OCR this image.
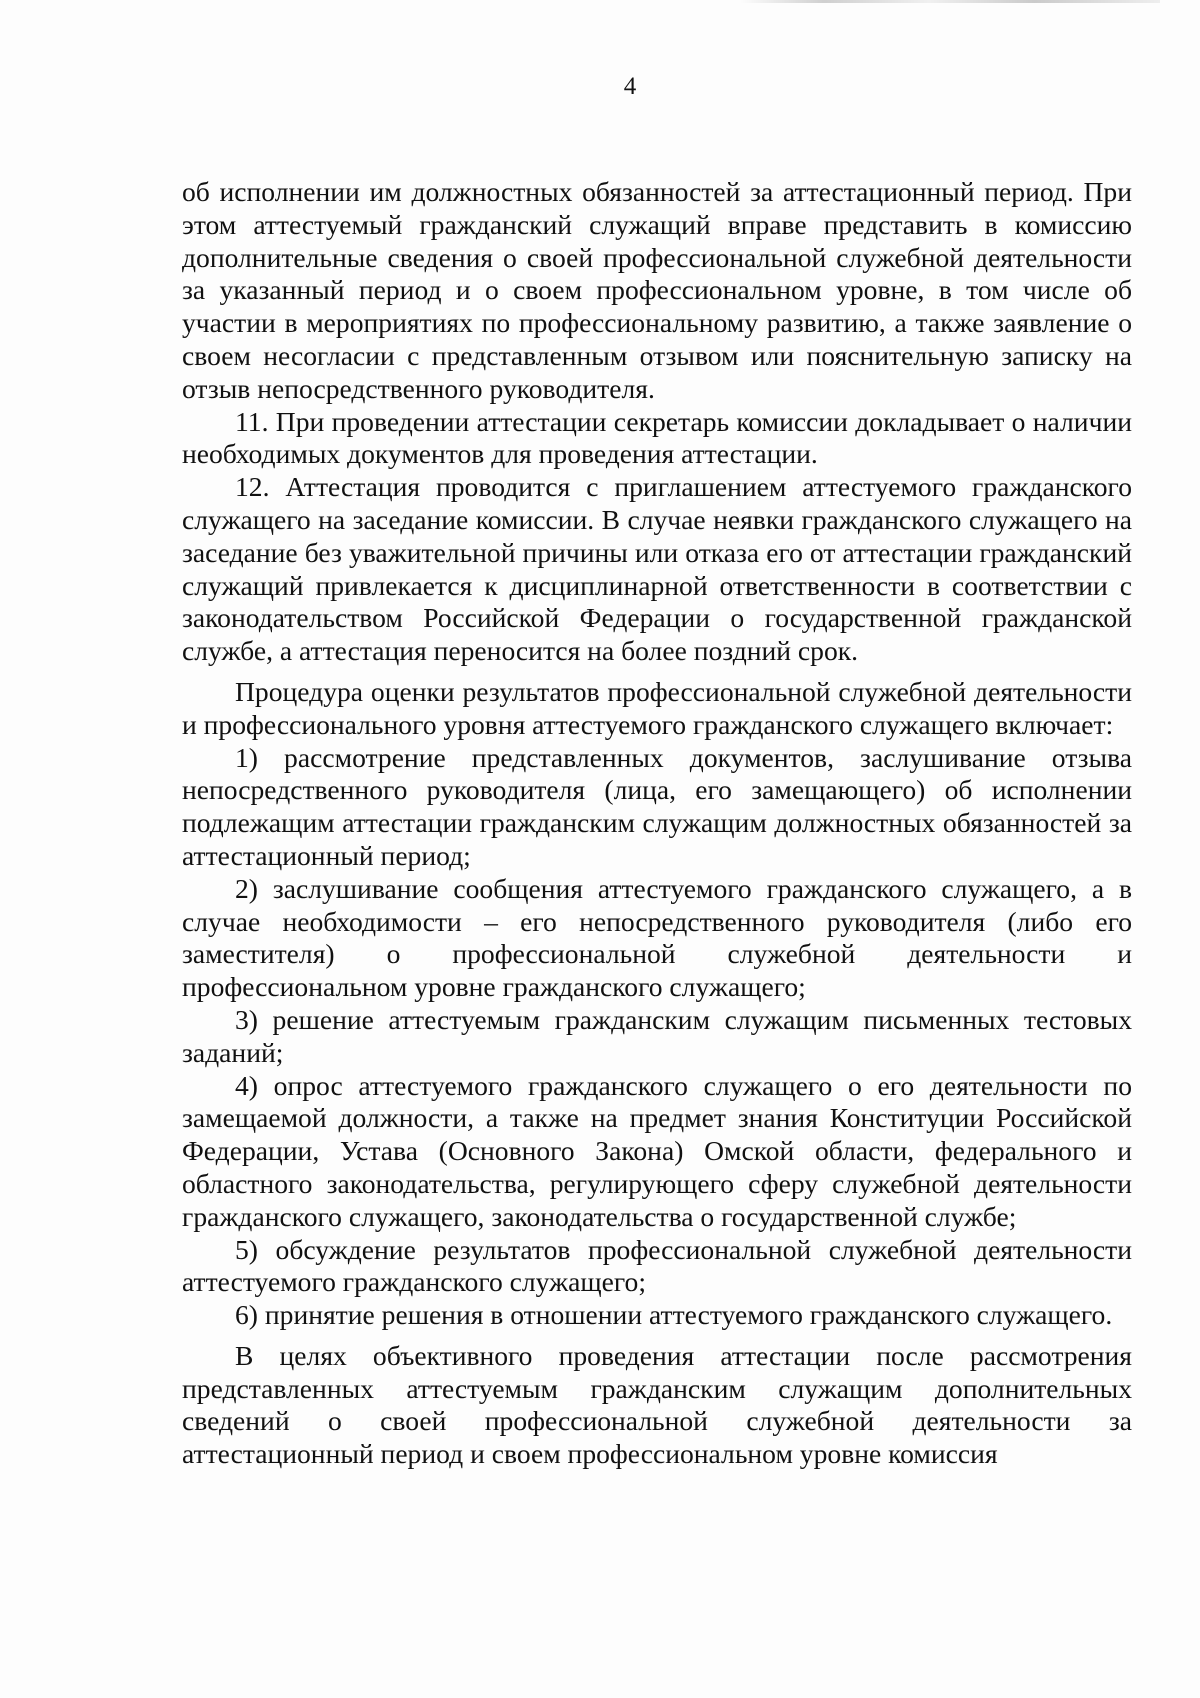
4

об исполнении им должностных обязанностей за аттестационный период. При этом аттестуемый гражданский служащий вправе представить в комиссию дополнительные сведения о своей профессиональной служебной деятельности за указанный период и о своем профессиональном уровне, в том числе об участии в мероприятиях по профессиональному развитию, а также заявление о своем несогласии с представленным отзывом или пояснительную записку на отзыв непосредственного руководителя.

11. При проведении аттестации секретарь комиссии докладывает о наличии необходимых документов для проведения аттестации.

12. Аттестация проводится с приглашением аттестуемого гражданского служащего на заседание комиссии. В случае неявки гражданского служащего на заседание без уважительной причины или отказа его от аттестации гражданский служащий привлекается к дисциплинарной ответственности в соответствии с законодательством Российской Федерации о государственной гражданской службе, а аттестация переносится на более поздний срок.

Процедура оценки результатов профессиональной служебной деятельности и профессионального уровня аттестуемого гражданского служащего включает:

1) рассмотрение представленных документов, заслушивание отзыва непосредственного руководителя (лица, его замещающего) об исполнении подлежащим аттестации гражданским служащим должностных обязанностей за аттестационный период;

2) заслушивание сообщения аттестуемого гражданского служащего, а в случае необходимости – его непосредственного руководителя (либо его заместителя) о профессиональной служебной деятельности и профессиональном уровне гражданского служащего;

3) решение аттестуемым гражданским служащим письменных тестовых заданий;

4) опрос аттестуемого гражданского служащего о его деятельности по замещаемой должности, а также на предмет знания Конституции Российской Федерации, Устава (Основного Закона) Омской области, федерального и областного законодательства, регулирующего сферу служебной деятельности гражданского служащего, законодательства о государственной службе;

5) обсуждение результатов профессиональной служебной деятельности аттестуемого гражданского служащего;

6) принятие решения в отношении аттестуемого гражданского служащего.

В целях объективного проведения аттестации после рассмотрения представленных аттестуемым гражданским служащим дополнительных сведений о своей профессиональной служебной деятельности за аттестационный период и своем профессиональном уровне комиссия
